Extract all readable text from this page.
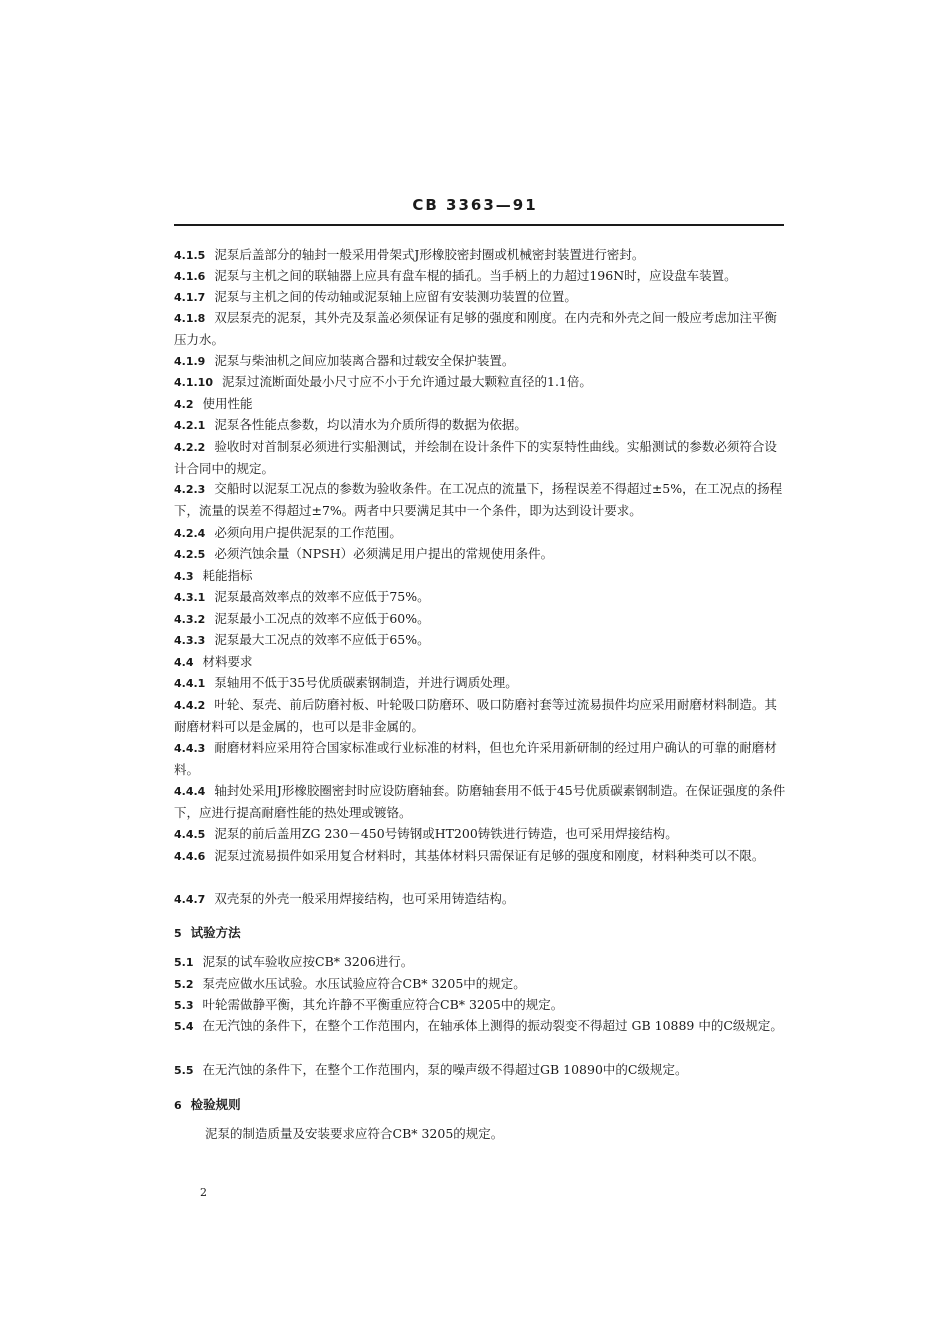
CB 3363—91
4.1.5 泥泵后盖部分的轴封一般采用骨架式J形橡胶密封圈或机械密封装置进行密封。
4.1.6 泥泵与主机之间的联轴器上应具有盘车棍的插孔。当手柄上的力超过196N时，应设盘车装置。
4.1.7 泥泵与主机之间的传动轴或泥泵轴上应留有安装测功装置的位置。
4.1.8 双层泵壳的泥泵，其外壳及泵盖必须保证有足够的强度和刚度。在内壳和外壳之间一般应考虑加注平衡压力水。
4.1.9 泥泵与柴油机之间应加装离合器和过载安全保护装置。
4.1.10 泥泵过流断面处最小尺寸应不小于允许通过最大颗粒直径的1.1倍。
4.2 使用性能
4.2.1 泥泵各性能点参数，均以清水为介质所得的数据为依据。
4.2.2 验收时对首制泵必须进行实船测试，并绘制在设计条件下的实泵特性曲线。实船测试的参数必须符合设计合同中的规定。
4.2.3 交船时以泥泵工况点的参数为验收条件。在工况点的流量下，扬程误差不得超过±5%，在工况点的扬程下，流量的误差不得超过±7%。两者中只要满足其中一个条件，即为达到设计要求。
4.2.4 必须向用户提供泥泵的工作范围。
4.2.5 必须汽蚀余量（NPSH）必须满足用户提出的常规使用条件。
4.3 耗能指标
4.3.1 泥泵最高效率点的效率不应低于75%。
4.3.2 泥泵最小工况点的效率不应低于60%。
4.3.3 泥泵最大工况点的效率不应低于65%。
4.4 材料要求
4.4.1 泵轴用不低于35号优质碳素钢制造，并进行调质处理。
4.4.2 叶轮、泵壳、前后防磨衬板、叶轮吸口防磨环、吸口防磨衬套等过流易损件均应采用耐磨材料制造。其耐磨材料可以是金属的，也可以是非金属的。
4.4.3 耐磨材料应采用符合国家标准或行业标准的材料，但也允许采用新研制的经过用户确认的可靠的耐磨材料。
4.4.4 轴封处采用J形橡胶圈密封时应设防磨轴套。防磨轴套用不低于45号优质碳素钢制造。在保证强度的条件下，应进行提高耐磨性能的热处理或镀铬。
4.4.5 泥泵的前后盖用ZG 230－450号铸钢或HT200铸铁进行铸造，也可采用焊接结构。
4.4.6 泥泵过流易损件如采用复合材料时，其基体材料只需保证有足够的强度和刚度，材料种类可以不限。
4.4.7 双壳泵的外壳一般采用焊接结构，也可采用铸造结构。
5 试验方法
5.1 泥泵的试车验收应按CB* 3206进行。
5.2 泵壳应做水压试验。水压试验应符合CB* 3205中的规定。
5.3 叶轮需做静平衡，其允许静不平衡重应符合CB* 3205中的规定。
5.4 在无汽蚀的条件下，在整个工作范围内，在轴承体上测得的振动裂变不得超过 GB 10889 中的C级规定。
5.5 在无汽蚀的条件下，在整个工作范围内，泵的噪声级不得超过GB 10890中的C级规定。
6 检验规则
泥泵的制造质量及安装要求应符合CB* 3205的规定。
2
